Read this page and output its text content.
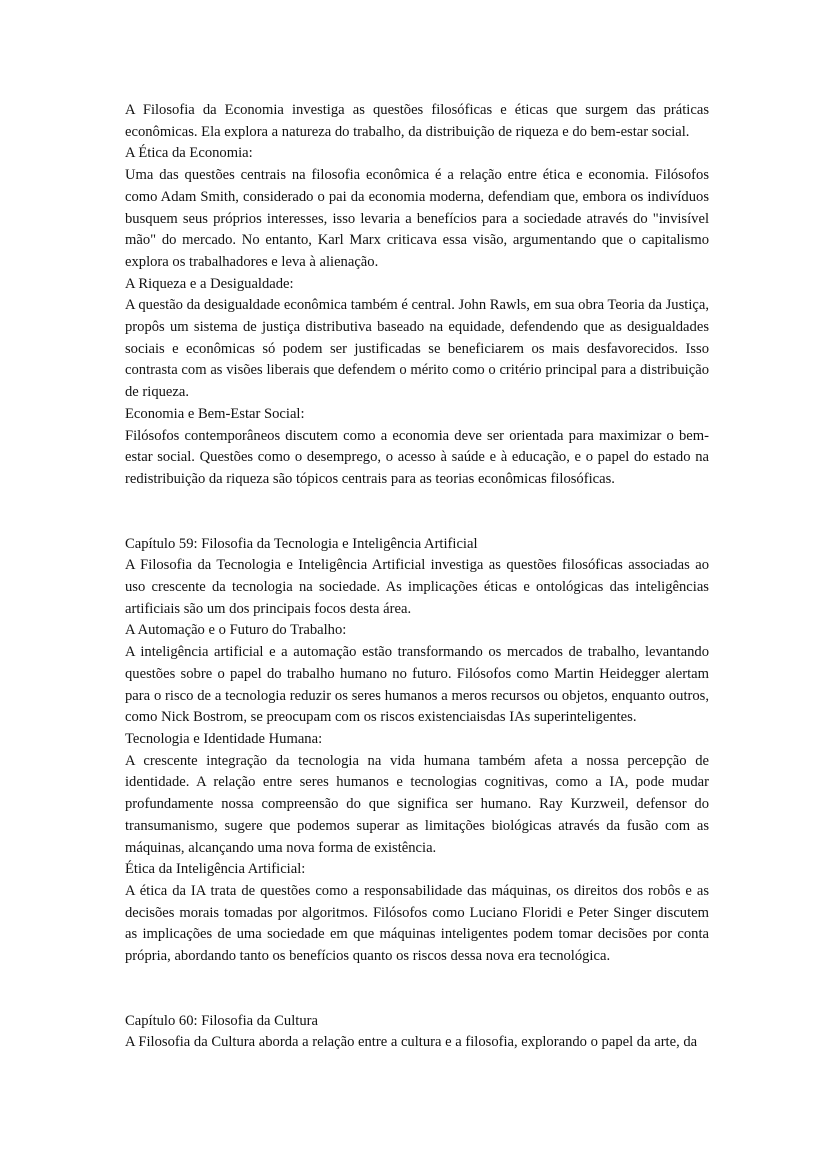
A Filosofia da Economia investiga as questões filosóficas e éticas que surgem das práticas econômicas. Ela explora a natureza do trabalho, da distribuição de riqueza e do bem-estar social.

A Ética da Economia:

Uma das questões centrais na filosofia econômica é a relação entre ética e economia. Filósofos como Adam Smith, considerado o pai da economia moderna, defendiam que, embora os indivíduos busquem seus próprios interesses, isso levaria a benefícios para a sociedade através do "invisível mão" do mercado. No entanto, Karl Marx criticava essa visão, argumentando que o capitalismo explora os trabalhadores e leva à alienação.

A Riqueza e a Desigualdade:

A questão da desigualdade econômica também é central. John Rawls, em sua obra Teoria da Justiça, propôs um sistema de justiça distributiva baseado na equidade, defendendo que as desigualdades sociais e econômicas só podem ser justificadas se beneficiarem os mais desfavorecidos. Isso contrasta com as visões liberais que defendem o mérito como o critério principal para a distribuição de riqueza.

Economia e Bem-Estar Social:

Filósofos contemporâneos discutem como a economia deve ser orientada para maximizar o bem-estar social. Questões como o desemprego, o acesso à saúde e à educação, e o papel do estado na redistribuição da riqueza são tópicos centrais para as teorias econômicas filosóficas.

Capítulo 59: Filosofia da Tecnologia e Inteligência Artificial

A Filosofia da Tecnologia e Inteligência Artificial investiga as questões filosóficas associadas ao uso crescente da tecnologia na sociedade. As implicações éticas e ontológicas das inteligências artificiais são um dos principais focos desta área.

A Automação e o Futuro do Trabalho:

A inteligência artificial e a automação estão transformando os mercados de trabalho, levantando questões sobre o papel do trabalho humano no futuro. Filósofos como Martin Heidegger alertam para o risco de a tecnologia reduzir os seres humanos a meros recursos ou objetos, enquanto outros, como Nick Bostrom, se preocupam com os riscos existenciaisdas IAs superinteligentes.

Tecnologia e Identidade Humana:

A crescente integração da tecnologia na vida humana também afeta a nossa percepção de identidade. A relação entre seres humanos e tecnologias cognitivas, como a IA, pode mudar profundamente nossa compreensão do que significa ser humano. Ray Kurzweil, defensor do transumanismo, sugere que podemos superar as limitações biológicas através da fusão com as máquinas, alcançando uma nova forma de existência.

Ética da Inteligência Artificial:

A ética da IA trata de questões como a responsabilidade das máquinas, os direitos dos robôs e as decisões morais tomadas por algoritmos. Filósofos como Luciano Floridi e Peter Singer discutem as implicações de uma sociedade em que máquinas inteligentes podem tomar decisões por conta própria, abordando tanto os benefícios quanto os riscos dessa nova era tecnológica.

Capítulo 60: Filosofia da Cultura

A Filosofia da Cultura aborda a relação entre a cultura e a filosofia, explorando o papel da arte, da
